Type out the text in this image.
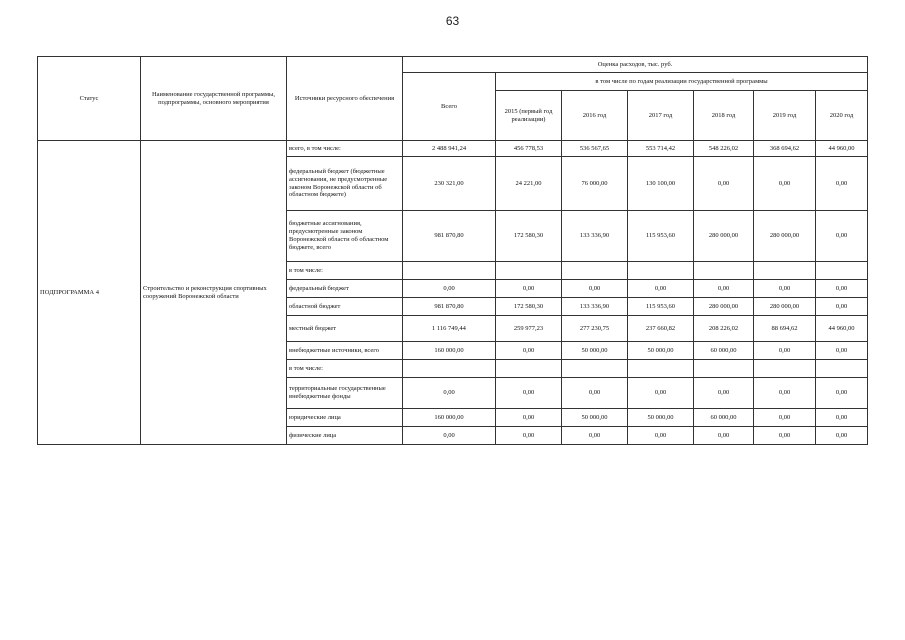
63
Статус	Наименование государственной программы, подпрограммы, основного мероприятия	Источники ресурсного обеспечения	Оценка расходов, тыс. руб.						
			Всего	в том числе по годам реализации государственной программы					
				2015 (первый год реализации)	2016 год	2017 год	2018 год	2019 год	2020 год
ПОДПРОГРАММА 4	Строительство и реконструкция спортивных сооружений Воронежской области	всего, в том числе:	2 488 941,24	456 778,53	536 567,65	553 714,42	548 226,02	368 694,62	44 960,00
		федеральный бюджет (бюджетные ассигнования, не предусмотренные законом Воронежской области об областном бюджете)	230 321,00	24 221,00	76 000,00	130 100,00	0,00	0,00	0,00
		бюджетные ассигнования, предусмотренные законом Воронежской области об областном бюджете, всего	981 870,80	172 580,30	133 336,90	115 953,60	280 000,00	280 000,00	0,00
		в том числе:							
		федеральный бюджет	0,00	0,00	0,00	0,00	0,00	0,00	0,00
		областной бюджет	981 870,80	172 580,30	133 336,90	115 953,60	280 000,00	280 000,00	0,00
		местный бюджет	1 116 749,44	259 977,23	277 230,75	237 660,82	208 226,02	88 694,62	44 960,00
		внебюджетные источники, всего	160 000,00	0,00	50 000,00	50 000,00	60 000,00	0,00	0,00
		в том числе:							
		территориальные государственные внебюджетные фонды	0,00	0,00	0,00	0,00	0,00	0,00	0,00
		юридические лица	160 000,00	0,00	50 000,00	50 000,00	60 000,00	0,00	0,00
		физические лица	0,00	0,00	0,00	0,00	0,00	0,00	0,00
